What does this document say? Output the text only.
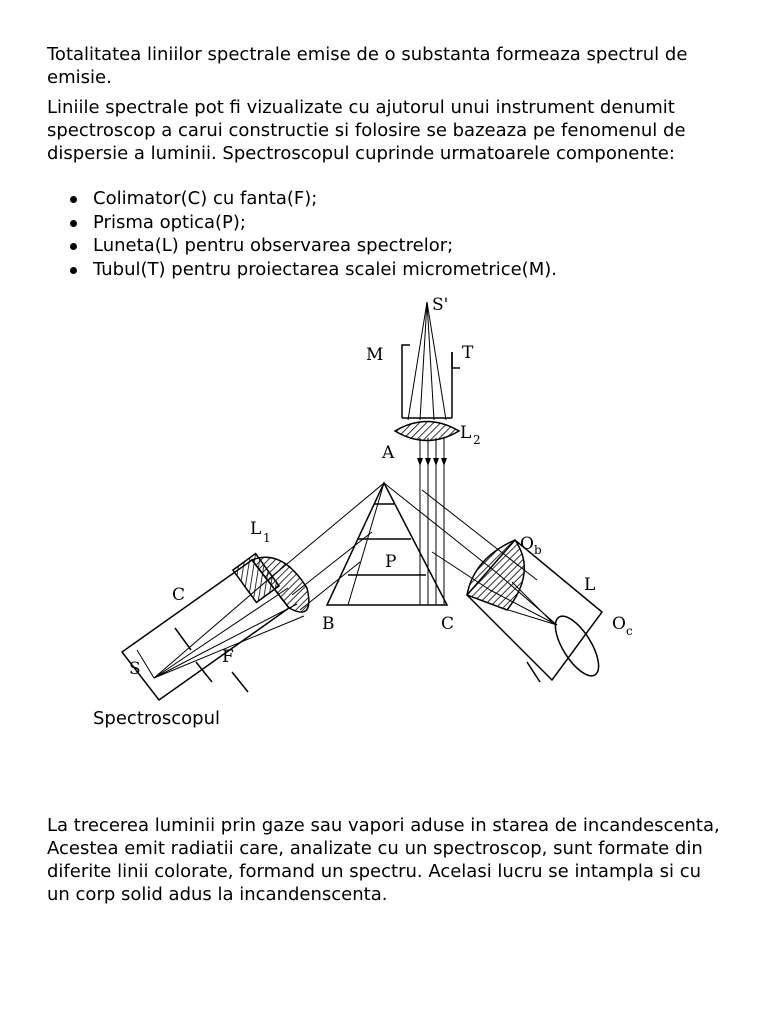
Totalitatea liniilor spectrale emise de o substanta formeaza spectrul de emisie.

Liniile spectrale pot fi vizualizate cu ajutorul unui instrument denumit spectroscop a carui constructie si folosire se bazeaza pe fenomenul de dispersie a luminii. Spectroscopul cuprinde urmatoarele componente:

Colimator(C) cu fanta(F);
Prisma optica(P);
Luneta(L) pentru observarea spectrelor;
Tubul(T) pentru proiectarea scalei micrometrice(M).
S'
M	T
L 2
A
L 1	O b
P
C	L
O c
B	C
S
F

Spectroscopul

La trecerea luminii prin gaze sau vapori aduse in starea de incandescenta, Acestea emit radiatii care, analizate cu un spectroscop, sunt formate din diferite linii colorate, formand un spectru. Acelasi lucru se intampla si cu un corp solid adus la incandenscenta.
